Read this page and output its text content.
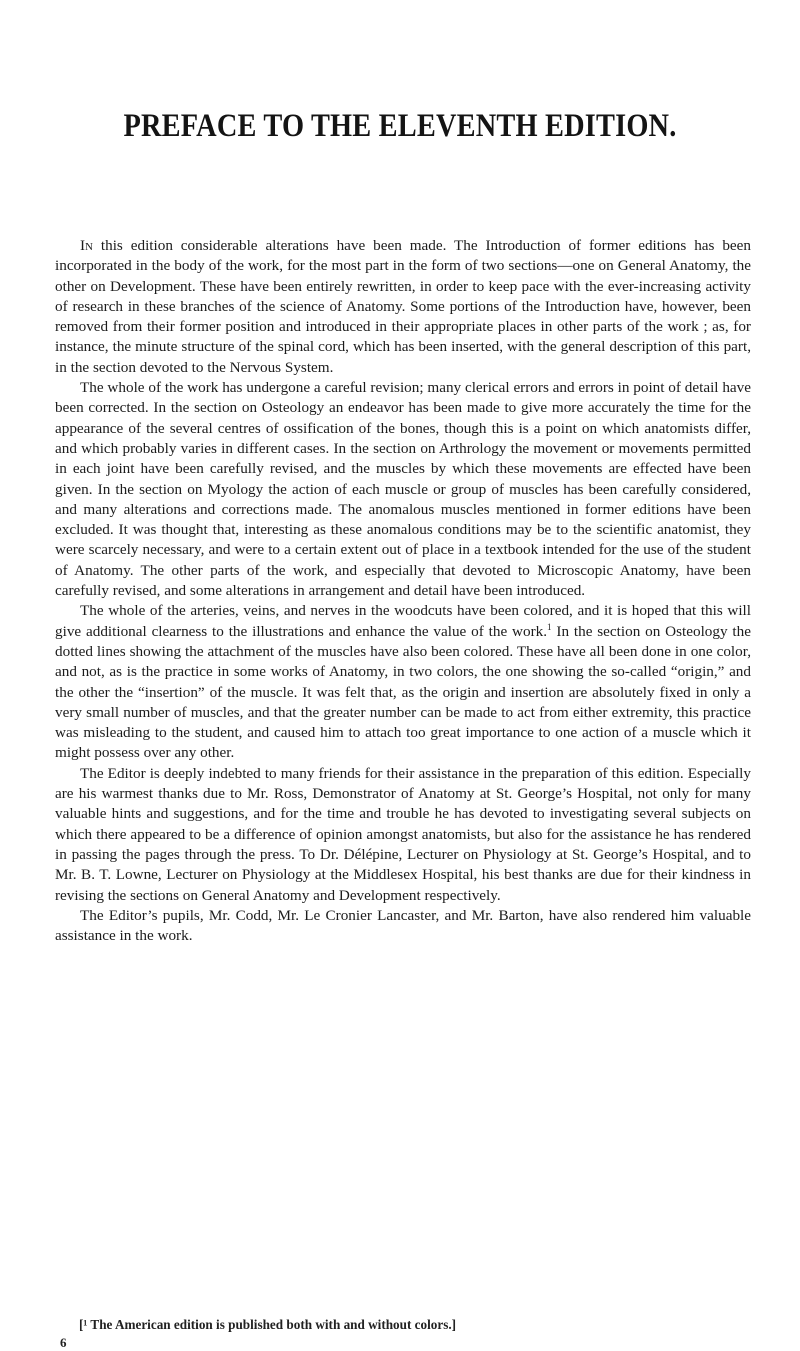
PREFACE TO THE ELEVENTH EDITION.

In this edition considerable alterations have been made. The Introduction of former editions has been incorporated in the body of the work, for the most part in the form of two sections—one on General Anatomy, the other on Development. These have been entirely rewritten, in order to keep pace with the ever-increasing activity of research in these branches of the science of Anatomy. Some portions of the Introduction have, however, been removed from their former position and introduced in their appropriate places in other parts of the work ; as, for instance, the minute structure of the spinal cord, which has been inserted, with the general description of this part, in the section devoted to the Nervous System.

The whole of the work has undergone a careful revision; many clerical errors and errors in point of detail have been corrected. In the section on Osteology an endeavor has been made to give more accurately the time for the appearance of the several centres of ossification of the bones, though this is a point on which anatomists differ, and which probably varies in different cases. In the section on Arthrology the movement or movements permitted in each joint have been carefully revised, and the muscles by which these movements are effected have been given. In the section on Myology the action of each muscle or group of muscles has been carefully considered, and many alterations and corrections made. The anomalous muscles mentioned in former editions have been excluded. It was thought that, interesting as these anomalous conditions may be to the scientific anatomist, they were scarcely necessary, and were to a certain extent out of place in a textbook intended for the use of the student of Anatomy. The other parts of the work, and especially that devoted to Microscopic Anatomy, have been carefully revised, and some alterations in arrangement and detail have been introduced.

The whole of the arteries, veins, and nerves in the woodcuts have been colored, and it is hoped that this will give additional clearness to the illustrations and enhance the value of the work.$^1$ In the section on Osteology the dotted lines showing the attachment of the muscles have also been colored. These have all been done in one color, and not, as is the practice in some works of Anatomy, in two colors, the one showing the so-called “origin,” and the other the “insertion” of the muscle. It was felt that, as the origin and insertion are absolutely fixed in only a very small number of muscles, and that the greater number can be made to act from either extremity, this practice was misleading to the student, and caused him to attach too great importance to one action of a muscle which it might possess over any other.

The Editor is deeply indebted to many friends for their assistance in the preparation of this edition. Especially are his warmest thanks due to Mr. Ross, Demonstrator of Anatomy at St. George’s Hospital, not only for many valuable hints and suggestions, and for the time and trouble he has devoted to investigating several subjects on which there appeared to be a difference of opinion amongst anatomists, but also for the assistance he has rendered in passing the pages through the press. To Dr. Délépine, Lecturer on Physiology at St. George’s Hospital, and to Mr. B. T. Lowne, Lecturer on Physiology at the Middlesex Hospital, his best thanks are due for their kindness in revising the sections on General Anatomy and Development respectively.

The Editor’s pupils, Mr. Codd, Mr. Le Cronier Lancaster, and Mr. Barton, have also rendered him valuable assistance in the work.

[¹ The American edition is published both with and without colors.]
6
